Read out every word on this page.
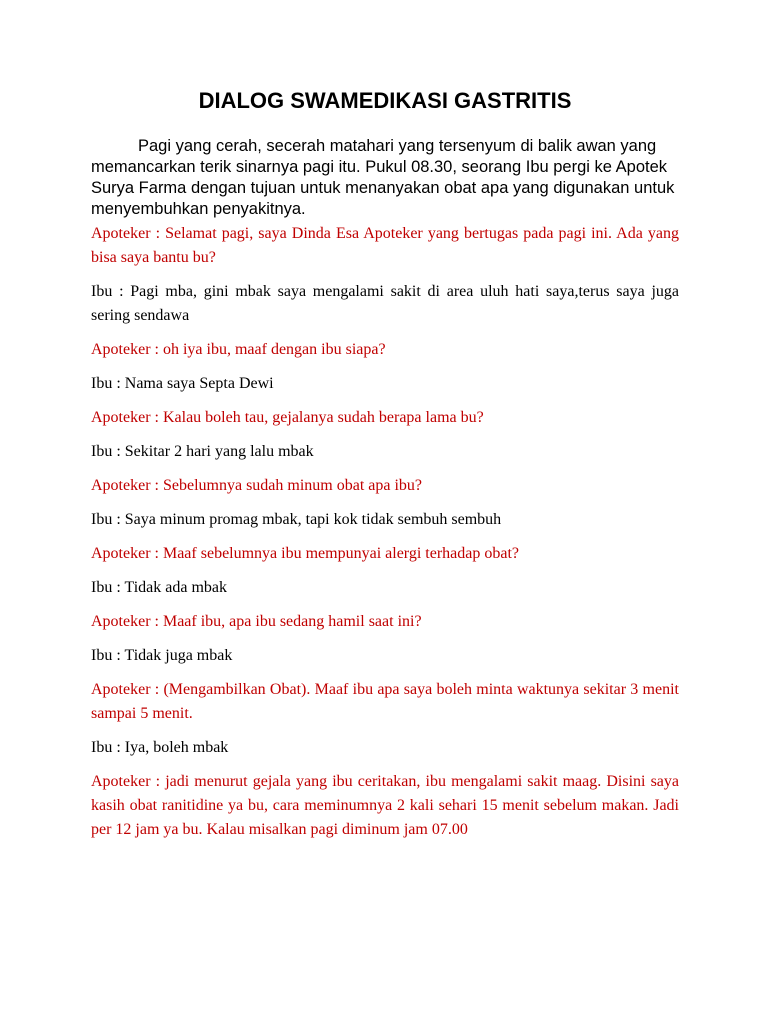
DIALOG SWAMEDIKASI GASTRITIS

Pagi yang cerah, secerah matahari yang tersenyum di balik awan yang memancarkan terik sinarnya pagi itu. Pukul 08.30, seorang Ibu pergi ke Apotek Surya Farma dengan tujuan untuk menanyakan obat apa yang digunakan untuk menyembuhkan penyakitnya.

Apoteker : Selamat pagi, saya Dinda Esa Apoteker yang bertugas pada pagi ini. Ada yang bisa saya bantu bu?

Ibu : Pagi mba, gini mbak saya mengalami sakit di area uluh hati saya,terus saya juga sering sendawa

Apoteker : oh iya ibu, maaf dengan ibu siapa?

Ibu : Nama saya Septa Dewi

Apoteker : Kalau boleh tau, gejalanya sudah berapa lama bu?

Ibu : Sekitar 2 hari yang lalu mbak

Apoteker : Sebelumnya sudah minum obat apa ibu?

Ibu : Saya minum promag mbak, tapi kok tidak sembuh sembuh

Apoteker : Maaf sebelumnya ibu mempunyai alergi terhadap obat?

Ibu : Tidak ada mbak

Apoteker : Maaf ibu, apa ibu sedang hamil saat ini?

Ibu : Tidak juga mbak

Apoteker : (Mengambilkan Obat). Maaf ibu apa saya boleh minta waktunya sekitar 3 menit sampai 5 menit.

Ibu : Iya, boleh mbak

Apoteker : jadi menurut gejala yang ibu ceritakan, ibu mengalami sakit maag. Disini saya kasih obat ranitidine ya bu, cara meminumnya 2 kali sehari 15 menit sebelum makan. Jadi per 12 jam ya bu. Kalau misalkan pagi diminum jam 07.00
